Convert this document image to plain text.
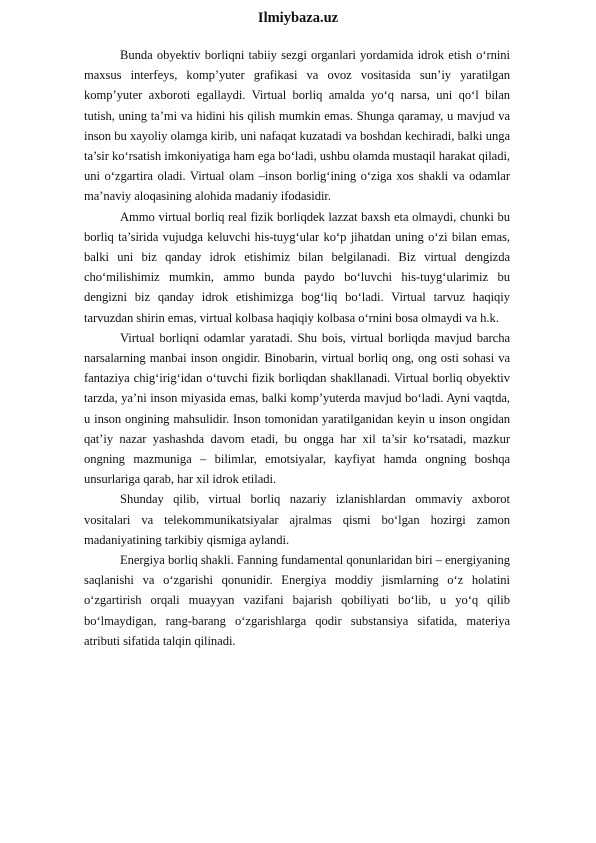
Ilmiybaza.uz

Bunda obyektiv borliqni tabiiy sezgi organlari yordamida idrok etish o‘rnini maxsus interfeys, komp’yuter grafikasi va ovoz vositasida sun’iy yaratilgan komp’yuter axboroti egallaydi. Virtual borliq amalda yo‘q narsa, uni qo‘l bilan tutish, uning ta’mi va hidini his qilish mumkin emas. Shunga qaramay, u mavjud va inson bu xayoliy olamga kirib, uni nafaqat kuzatadi va boshdan kechiradi, balki unga ta’sir ko‘rsatish imkoniyatiga ham ega bo‘ladi, ushbu olamda mustaqil harakat qiladi, uni o‘zgartira oladi. Virtual olam –inson borlig‘ining o‘ziga xos shakli va odamlar ma’naviy aloqasining alohida madaniy ifodasidir.

Ammo virtual borliq real fizik borliqdek lazzat baxsh eta olmaydi, chunki bu borliq ta’sirida vujudga keluvchi his-tuyg‘ular ko‘p jihatdan uning o‘zi bilan emas, balki uni biz qanday idrok etishimiz bilan belgilanadi. Biz virtual dengizda cho‘milishimiz mumkin, ammo bunda paydo bo‘luvchi his-tuyg‘ularimiz bu dengizni biz qanday idrok etishimizga bog‘liq bo‘ladi. Virtual tarvuz haqiqiy tarvuzdan shirin emas, virtual kolbasa haqiqiy kolbasa o‘rnini bosa olmaydi va h.k.

Virtual borliqni odamlar yaratadi. Shu bois, virtual borliqda mavjud barcha narsalarning manbai inson ongidir. Binobarin, virtual borliq ong, ong osti sohasi va fantaziya chig‘irig‘idan o‘tuvchi fizik borliqdan shakllanadi. Virtual borliq obyektiv tarzda, ya’ni inson miyasida emas, balki komp’yuterda mavjud bo‘ladi. Ayni vaqtda, u inson ongining mahsulidir. Inson tomonidan yaratilganidan keyin u inson ongidan qat’iy nazar yashashda davom etadi, bu ongga har xil ta’sir ko‘rsatadi, mazkur ongning mazmuniga – bilimlar, emotsiyalar, kayfiyat hamda ongning boshqa unsurlariga qarab, har xil idrok etiladi.

Shunday qilib, virtual borliq nazariy izlanishlardan ommaviy axborot vositalari va telekommunikatsiyalar ajralmas qismi bo‘lgan hozirgi zamon madaniyatining tarkibiy qismiga aylandi.

Energiya borliq shakli. Fanning fundamental qonunlaridan biri – energiyaning saqlanishi va o‘zgarishi qonunidir. Energiya moddiy jismlarning o‘z holatini o‘zgartirish orqali muayyan vazifani bajarish qobiliyati bo‘lib, u yo‘q qilib bo‘lmaydigan, rang-barang o‘zgarishlarga qodir substansiya sifatida, materiya atributi sifatida talqin qilinadi.
